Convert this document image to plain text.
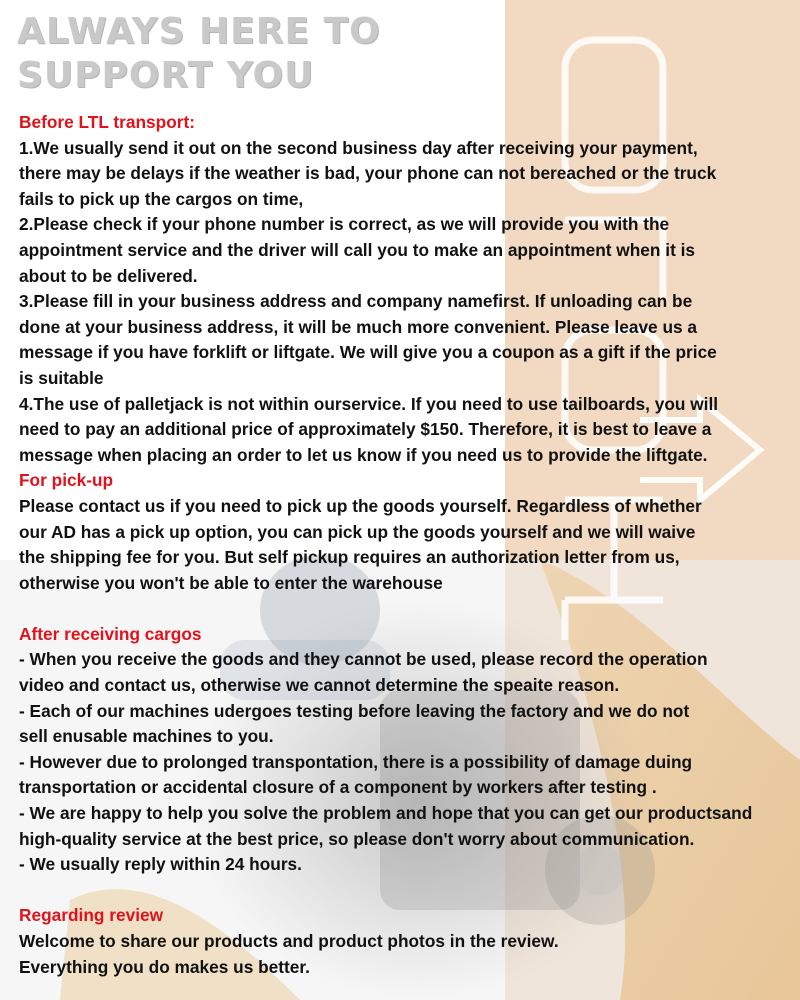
ALWAYS HERE TO
SUPPORT YOU
Before LTL transport:
1.We usually send it out on the second business day after receiving your payment,
there may be delays if the weather is bad, your phone can not bereached or the truck
fails to pick up the cargos on time,
2.Please check if your phone number is correct, as we will provide you with the
appointment service and the driver will call you to make an appointment when it is
about to be delivered.
3.Please fill in your business address and company namefirst. If unloading can be
done at your business address, it will be much more convenient. Please leave us a
message if you have forklift or liftgate. We will give you a coupon as a gift if the price
is suitable
4.The use of palletjack is not within ourservice. If you need to use tailboards, you will
need to pay an additional price of approximately $150. Therefore, it is best to leave a
message when placing an order to let us know if you need us to provide the liftgate.
For pick-up
Please contact us if you need to pick up the goods yourself. Regardless of whether
our AD has a pick up option, you can pick up the goods yourself and we will waive
the shipping fee for you. But self pickup requires an authorization letter from us,
otherwise you won't be able to enter the warehouse
After receiving cargos
- When you receive the goods and they cannot be used, please record the operation
video and contact us, otherwise we cannot determine the speaite reason.
- Each of our machines udergoes testing before leaving the factory and we do not
sell enusable machines to you.
- However due to prolonged transpontation, there is a possibility of damage duing
transportation or accidental closure of a component by workers after testing .
- We are happy to help you solve the problem and hope that you can get our productsand
high-quality service at the best price, so please don't worry about communication.
- We usually reply within 24 hours.
Regarding review
Welcome to share our products and product photos in the review.
Everything you do makes us better.
